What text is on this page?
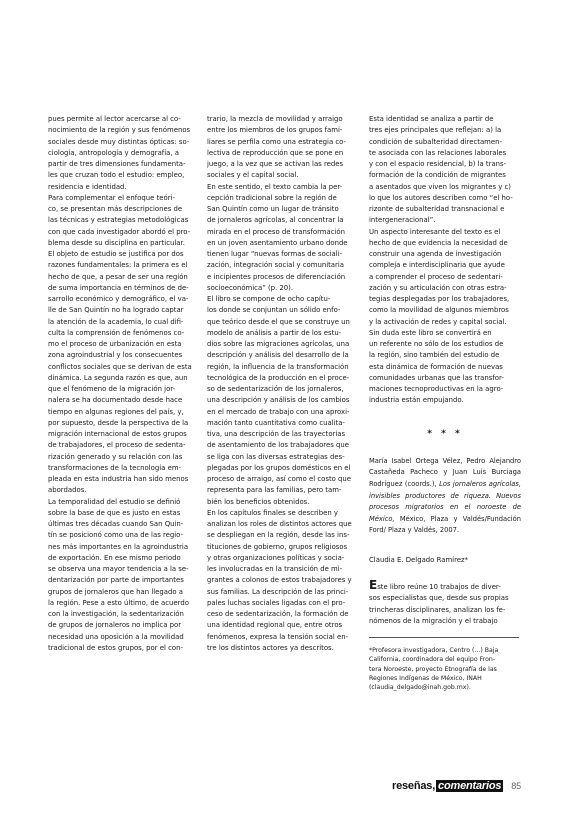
pues permite al lector acercarse al co-
nocimiento de la región y sus fenómenos
sociales desde muy distintas ópticas: so-
ciología, antropología y demografía, a
partir de tres dimensiones fundamenta-
les que cruzan todo el estudio: empleo,
residencia e identidad.

Para complementar el enfoque teóri-
co, se presentan más descripciones de
las técnicas y estrategias metodológicas
con que cada investigador abordó el pro-
blema desde su disciplina en particular.

El objeto de estudio se justifica por dos
razones fundamentales: la primera es el
hecho de que, a pesar de ser una región
de suma importancia en términos de de-
sarrollo económico y demográfico, el va-
lle de San Quintín no ha logrado captar
la atención de la academia, lo cual difi-
culta la comprensión de fenómenos co-
mo el proceso de urbanización en esta
zona agroindustrial y los consecuentes
conflictos sociales que se derivan de esta
dinámica. La segunda razón es que, aun
que el fenómeno de la migración jor-
nalera se ha documentado desde hace
tiempo en algunas regiones del país, y,
por supuesto, desde la perspectiva de la
migración internacional de estos grupos
de trabajadores, el proceso de sedenta-
rización generado y su relación con las
transformaciones de la tecnología em-
pleada en esta industria han sido menos
abordados.

La temporalidad del estudio se definió
sobre la base de que es justo en estas
últimas tres décadas cuando San Quin-
tín se posicionó como una de las regio-
nes más importantes en la agroindustria
de exportación. En ese mismo periodo
se observa una mayor tendencia a la se-
dentarización por parte de importantes
grupos de jornaleros que han llegado a
la región. Pese a esto último, de acuerdo
con la investigación, la sedentarización
de grupos de jornaleros no implica por
necesidad una oposición a la movilidad
tradicional de estos grupos, por el con-

trario, la mezcla de movilidad y arraigo
entre los miembros de los grupos fami-
liares se perfila como una estrategia co-
lectiva de reproducción que se pone en
juego, a la vez que se activan las redes
sociales y el capital social.

En este sentido, el texto cambia la per-
cepción tradicional sobre la región de
San Quintín como un lugar de tránsito
de jornaleros agrícolas, al concentrar la
mirada en el proceso de transformación
en un joven asentamiento urbano donde
tienen lugar “nuevas formas de sociali-
zación, integración social y comunitaria
e incipientes procesos de diferenciación
socioeconómica” (p. 20).

El libro se compone de ocho capítu-
los donde se conjuntan un sólido enfo-
que teórico desde el que se construye un
modelo de análisis a partir de los estu-
dios sobre las migraciones agrícolas, una
descripción y análisis del desarrollo de la
región, la influencia de la transformación
tecnológica de la producción en el proce-
so de sedentarización de los jornaleros,
una descripción y análisis de los cambios
en el mercado de trabajo con una aproxi-
mación tanto cuantitativa como cualita-
tiva, una descripción de las trayectorias
de asentamiento de los trabajadores que
se liga con las diversas estrategias des-
plegadas por los grupos domésticos en el
proceso de arraigo, así como el costo que
representa para las familias, pero tam-
bién los beneficios obtenidos.

En los capítulos finales se describen y
analizan los roles de distintos actores que
se despliegan en la región, desde las ins-
tituciones de gobierno, grupos religiosos
y otras organizaciones políticas y socia-
les involucradas en la transición de mi-
grantes a colonos de estos trabajadores y
sus familias. La descripción de las princi-
pales luchas sociales ligadas con el pro-
ceso de sedentarización, la formación de
una identidad regional que, entre otros
fenómenos, expresa la tensión social en-
tre los distintos actores ya descritos.

Esta identidad se analiza a partir de
tres ejes principales que reflejan: a) la
condición de subalteridad directamen-
te asociada con las relaciones laborales
y con el espacio residencial, b) la trans-
formación de la condición de migrantes
a asentados que viven los migrantes y c)
lo que los autores describen como “el ho-
rizonte de subalteridad transnacional e
intergeneracional”.

Un aspecto interesante del texto es el
hecho de que evidencia la necesidad de
construir una agenda de investigación
compleja e interdisciplinaria que ayude
a comprender el proceso de sedentari-
zación y su articulación con otras estra-
tegias desplegadas por los trabajadores,
como la movilidad de algunos miembros
y la activación de redes y capital social.

Sin duda este libro se convertirá en
un referente no sólo de los estudios de
la región, sino también del estudio de
esta dinámica de formación de nuevas
comunidades urbanas que las transfor-
maciones tecnoproductivas en la agro-
industria están empujando.

* * *

María Isabel Ortega Vélez, Pedro Alejandro Castañeda Pacheco y Juan Luis Burciaga Rodríguez (coords.), Los jornaleros agrícolas, invisibles productores de riqueza. Nuevos procesos migratorios en el noroeste de México, México, Plaza y Valdés/Fundación Ford/ Plaza y Valdés, 2007.

Claudia E. Delgado Ramírez*

Este libro reúne 10 trabajos de diver-
sos especialistas que, desde sus propias
trincheras disciplinares, analizan los fe-
nómenos de la migración y el trabajo

*Profesora investigadora, Centro (...) Baja
California, coordinadora del equipo Fron-
tera Noroeste, proyecto Etnografía de las
Regiones Indígenas de México, INAH
(claudia_delgado@inah.gob.mx).

reseñas, comentarios 85
